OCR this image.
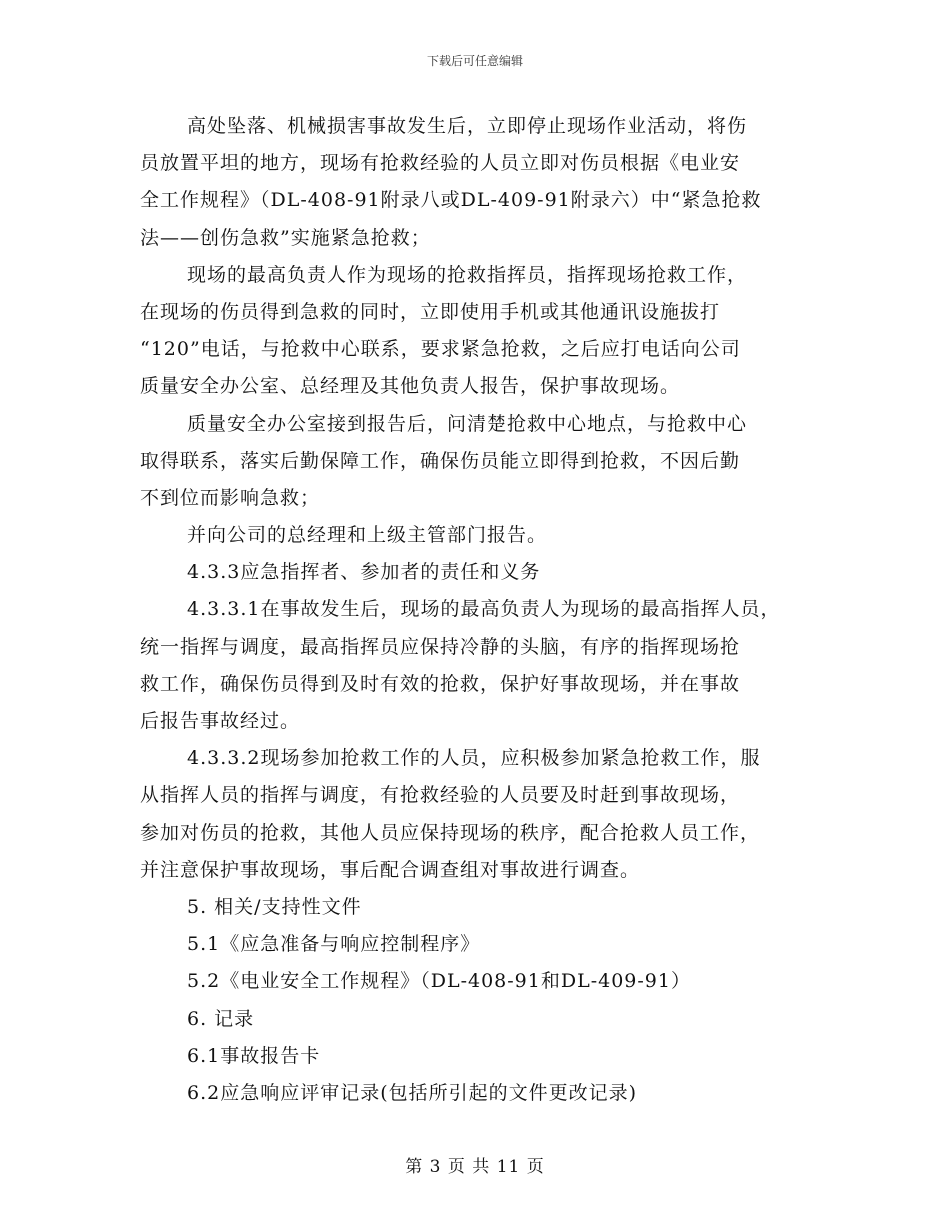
下载后可任意编辑
高处坠落、机械损害事故发生后，立即停止现场作业活动，将伤
员放置平坦的地方，现场有抢救经验的人员立即对伤员根据《电业安
全工作规程》（DL-408-91附录八或DL-409-91附录六）中“紧急抢救
法——创伤急救”实施紧急抢救；
现场的最高负责人作为现场的抢救指挥员，指挥现场抢救工作，
在现场的伤员得到急救的同时，立即使用手机或其他通讯设施拔打
“120”电话，与抢救中心联系，要求紧急抢救，之后应打电话向公司
质量安全办公室、总经理及其他负责人报告，保护事故现场。
质量安全办公室接到报告后，问清楚抢救中心地点，与抢救中心
取得联系，落实后勤保障工作，确保伤员能立即得到抢救，不因后勤
不到位而影响急救；
并向公司的总经理和上级主管部门报告。
4.3.3应急指挥者、参加者的责任和义务
4.3.3.1在事故发生后，现场的最高负责人为现场的最高指挥人员，
统一指挥与调度，最高指挥员应保持冷静的头脑，有序的指挥现场抢
救工作，确保伤员得到及时有效的抢救，保护好事故现场，并在事故
后报告事故经过。
4.3.3.2现场参加抢救工作的人员，应积极参加紧急抢救工作，服
从指挥人员的指挥与调度，有抢救经验的人员要及时赶到事故现场，
参加对伤员的抢救，其他人员应保持现场的秩序，配合抢救人员工作，
并注意保护事故现场，事后配合调查组对事故进行调查。
5. 相关/支持性文件
5.1《应急准备与响应控制程序》
5.2《电业安全工作规程》（DL-408-91和DL-409-91）
6. 记录
6.1事故报告卡
6.2应急响应评审记录(包括所引起的文件更改记录)
第 3 页 共 11 页
